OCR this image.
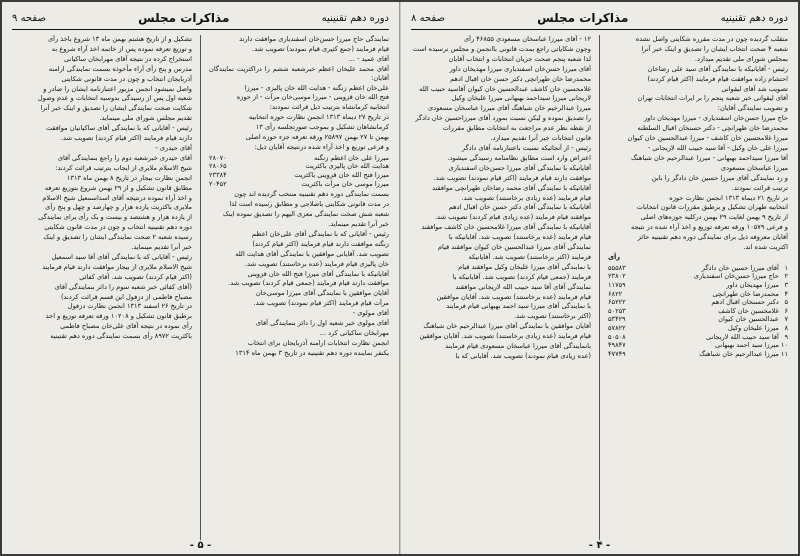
دوره دهم تقنینیه
مذاکرات مجلس
صفحه ۹

نمایندگی حاج میرزا حسن‌خان اسفندیاری موافقت دارند

قیام فرمایند (جمع کثیری قیام نمودند) تصویب شد.

آقای عمید - ...

آقای محمد علیخان اعظم خبرشعبه ششم را دراکثریت نمایندگان آقایان:

علی‌خان اعظم زنگنه - هدایت الله خان پالیزی - میرزا

فتح الله خان قزوینی - میرزا موسی‌خان مرآت - از حوزه

انتخابیه کرمانشاه بترتیب ذیل قرائت نمودند:

در تاریخ ۲۷ دیماه ۱۳۱۳ انجمن نظارت حوزه انتخابیه

کرمانشاهان تشکیل و بموجب صورتجلسه رأی ۱۳

بهمن تا ۲۷ بهمن ۲۵۸۹۷ ورقه تعرفه جزء حوزه اصلی

و فرعی توزیع و اخذ آراء شده درنتیجه آقایان ذیل:

میرزا علی خان اعظم زنگنه	۲۸۰۷۰
هدایت الله خان پالیزی باکثریت	۲۸۰۶۵
میرزا فتح الله خان قزوینی باکثریت	۲۳۳۸۴
میرزا موسی خان مرآت باکثریت	۲۰۴۵۲

بسمت نمایندگی دوره دهم تقنینیه منتخب گردیده اند چون

در مدت قانونی شکایتی باصلاحی و مطابق رسیده است لذا

شعبه شش صحت نمایندگی معزی الیهم را تصدیق نموده اینک

خبر آنرا تقدیم مینماید.

رئیس - آقایانی که با نمایندگی آقای علی‌خان اعظم

زنگنه موافقت دارند قیام فرمایند (اکثر قیام کردند)

تصویب شد. آقایانی موافقین با نمایندگی آقای هدایت الله

خان پالیزی قیام فرمایند (عده برخاستند) تصویب شد.

آقایانیکه با نمایندگی آقای میرزا فتح الله خان قزوینی

موافقت دارند قیام فرمایند (جمعی قیام کردند) تصویب شد.

آقایان موافقین با نمایندگی آقای میرزا موسی‌خان

مرآت قیام فرمایند (اکثر قیام نمودند) تصویب شد.

آقای مولوی -

آقای مولوی خبر شعبه اول را دائر بنمایندگی آقای

مهرابخان ساکیانی کرد ...

انجمن نظارت انتخابات ارامنه آذربایجان برای انتخاب

یکنفر نماینده دوره دهم تقنینیه در تاریخ ۳ بهمن ماه ۱۳۱۴

تشکیل و از تاریخ هشتم بهمن ماه ۱۳ شروع باخذ رأی

و توزیع تعرفه نموده پس از خاتمه اخذ آراء شروع به

استخراج کرده در نتیجه آقای مهرابخان ساکیانی

مدرس و پنج رأی آراء مأخوذه بسمت نمایندگی ارامنه

آذربایجان انتخاب و چون در مدت قانونی شکایتی

واصل نمیشود انجمن مزبور اعتبارنامه ایشان را صادر و

شعبه اول پس از رسیدگی بدوسیه انتخابات و عدم وصول

شکایت صحت نمایندگی ایشان را تصدیق و اینک خبر آنرا

تقدیم مجلس شورای ملی مینماید.

رئیس - آقایانی که با نمایندگی آقای ساکیانیان موافقت

دارند قیام فرمایند (اکثر قیام کردند) تصویب شد.

آقای حیدری -

آقای حیدری خبرشعبه دوم را راجع بنمایندگی آقای

شیخ الاسلام ملایری از ایجاب بترتیب قرائت کردند:

انجمن نظارت بیجار در تاریخ ۸ بهمن ماه ۱۳۱۳

مطابق قانون تشکیل و از ۲۹ بهمن شروع بتوزیع تعرفه

و اخذ آراء نموده درنتیجه آقای اسداسمعیل شیخ الاسلام

ملایری باکثریت یازده هزار و چهارصد و چهل و پنج رأی

از یازده هزار و هشتصد و بیست و یک رأی برای نمایندگی

دوره دهم تقنینیه انتخاب و چون در مدت قانون شکایتی

رسیده شعبه ۲ صحت نمایندگی ایشان را تصدیق و اینک

خبر آنرا تقدیم مینماید.

رئیس - آقایانی که با نمایندگی آقای آقا سید اسمعیل

شیخ الاسلام ملایری از بیجار موافقت دارند قیام فرمایند

(اکثر قیام کردند) تصویب شد. آقای کفائی

(آقای کفائی خبر شعبه سوم را دائر بنمایندگی آقای

مصباح فاطمی از دزفول این قسم قرائت کردند)

در تاریخ ۲۶ اسفند ۱۳۱۳ انجمن نظارت دزفول

برطبق قانون تشکیل و ۱۰۲۰۸ ورقه تعرفه توزیع و اخذ

رأی نموده در نتیجه آقای علی‌خان مصباح فاطمی

باکثریت ۸۹۷۲ رأی بسمت نمایندگی دوره دهم تقنینیه

- ۵ -
دوره دهم تقنینیه
مذاکرات مجلس
صفحه ۸

متقلب گردیده چون در مدت مقرره شکایتی واصل نشده

شعبه ۴ صحت انتخاب ایشان را تصدیق و اینک خبر آنرا

بمجلس شورای ملی تقدیم میدارد.

رئیس - آقایانیکه با نمایندگی آقای سید علی رضاخان

احتشام زاده موافقت قیام فرمایند (اکثر قیام کردند)

تصویب شد آقای لیقوانی

آقای لیقوانی خبر شعبه پنجم را بر ایرات انتخابات تهران

و تصویب نمایندگی آقایان:

حاج میرزا حسن‌خان اسفندیاری - میرزا مهدیخان داور

محمدرضا خان طهرانچی - دکتر حسنخان اقبال السلطنه

میرزا غلامحسین خان کاشف - میرزا عبدالحسین خان کیوان

میرزا علی خان وکیل - آقا سید حبیب الله لاریجانی -

آقا میرزا سیداحمد بهبهانی - میرزا عبدالرحیم خان شباهنگ

میرزا عباسخان مسعودی

و رد نمایندگی آقای میرزا حسین خان دادگر را بابن

ترتیب قرائت نمودند.

در تاریخ ۲۱ دیماه ۱۳۱۳ انجمن نظارت حوزه

انتخابیه طهران تشکیل و برطبق مقررات قانون انتخابات

از تاریخ ۹ بهمن لغایت ۲۹ بهمن درکلیه حوزه‌های اصلی

و فرعی ۱۰۵۷۹ ورقه تعرفه توزیع و اخذ آراء شده در نتیجه

آقایان معروفه ذیل برای نمایندگی دوره دهم تقنینیه حائز

اکثریت شده اند.

رأی
۱	آقای میرزا حسین خان دادگر	۵۵۵۸۳
۲	حاج میرزا حسن‌خان اسفندیاری	۲۳۸۰۲
۳	میرزا مهدیخان داور	۱۱۷۵۹
۴	محمدرضا خان طهرانچی	۶۸۲۲
۵	دکتر حسنخان اقبال ادهم	۶۵۲۲۲
۶	غلامحسین خان کاشف	۵۰۲۵۳
۷	عبدالحسین خان کیوان	۵۳۴۲۹
۸	میرزا علیخان وکیل	۵۷۸۲۲
۹	آقا سید حبیب الله لاریجانی	۵۰۵۰۸
۱۰	میرزا سید احمد بهبهانی	۴۹۸۴۷
۱۱	میرزا عبدالرحیم خان شباهنگ	۴۷۷۴۹

۱۲ - آقای میرزا عباسخان مسعودی ۴۶۸۵۵ رأی

وچون شکایاتی راجع بمدت قانونی باانجمن و مجلس نرسیده است

لذا شعبه پنجم صحت جریان انتخابات و انتخاب آقایان

آقای میرزا حسن‌خان اسفندیاری میرزا مهدیخان داور

محمدرضا خان طهرانچی دکتر حسن خان اقبال ادهم

غلامحسین خان کاشف عبدالحسین خان کیوان آقاسید حبیب الله

لاریجانی میرزا سیداحمد بهبهانی میرزا علیخان وکیل

میرزا عبدالرحیم خان شباهنگ آقای میرزا عباسخان مسعودی

را تصدیق نموده و لیکن نسبت بمورد آقای میرزاحسین خان دادگر

از نقطه نظر عدم مراجعت به انتخابات مطابق مقررات

قانون انتخابات خبر آنرا تقدیم میدارد.

رئیس - از آنجائیکه نسبت باعتبارنامه آقای دادگر

اعتراض وارد است مطابق نظامنامه رسیدگی میشود.

آقایانیکه با نمایندگی آقای میرزا حسن‌خان اسفندیاری

موافقت دارند قیام فرمایند (اکثر قیام نمودند) تصویب شد.

آقایانیکه با نمایندگی آقای محمد رضاخان طهرانچی موافقند

قیام فرمایند (عده زیادی برخاستند) تصویب شد.

آقایانیکه با نمایندگی آقای دکتر حسن خان اقبال ادهم

موافقند قیام فرمایند (عده زیادی قیام کردند) تصویب شد.

آقایانیکه با نمایندگی آقای میرزا غلامحسین خان کاشف موافقند

قیام فرمایند (عده برخاستند) تصویب شد. آقایانیکه با

نمایندگی آقای میرزا عبدالحسین خان کیوان موافقند قیام

فرمایند (اکثر برخاستند) تصویب شد. آقایانیکه

با نمایندگی آقای میرزا علیخان وکیل موافقند قیام

فرمایند (جمعی قیام کردند) تصویب شد. آقایانیکه با

نمایندگی آقای آقا سید حبیب الله لاریجانی موافقند

قیام فرمایند (عده برخاستند) تصویب شد. آقایان موافقین

با نمایندگی آقای میرزا سید احمد بهبهانی قیام فرمایند

(اکثر برخاستند) تصویب شد.

آقایان موافقین با نمایندگی آقای میرزا عبدالرحیم خان شباهنگ

قیام فرمایند (عده زیادی برخاستند) تصویب شد. آقایان موافقین

بانمایندگی آقای میرزا عباسخان مسعودی قیام فرمایند

(عده زیادی قیام نمودند) تصویب شد. آقایانی که با

- ۴ -
